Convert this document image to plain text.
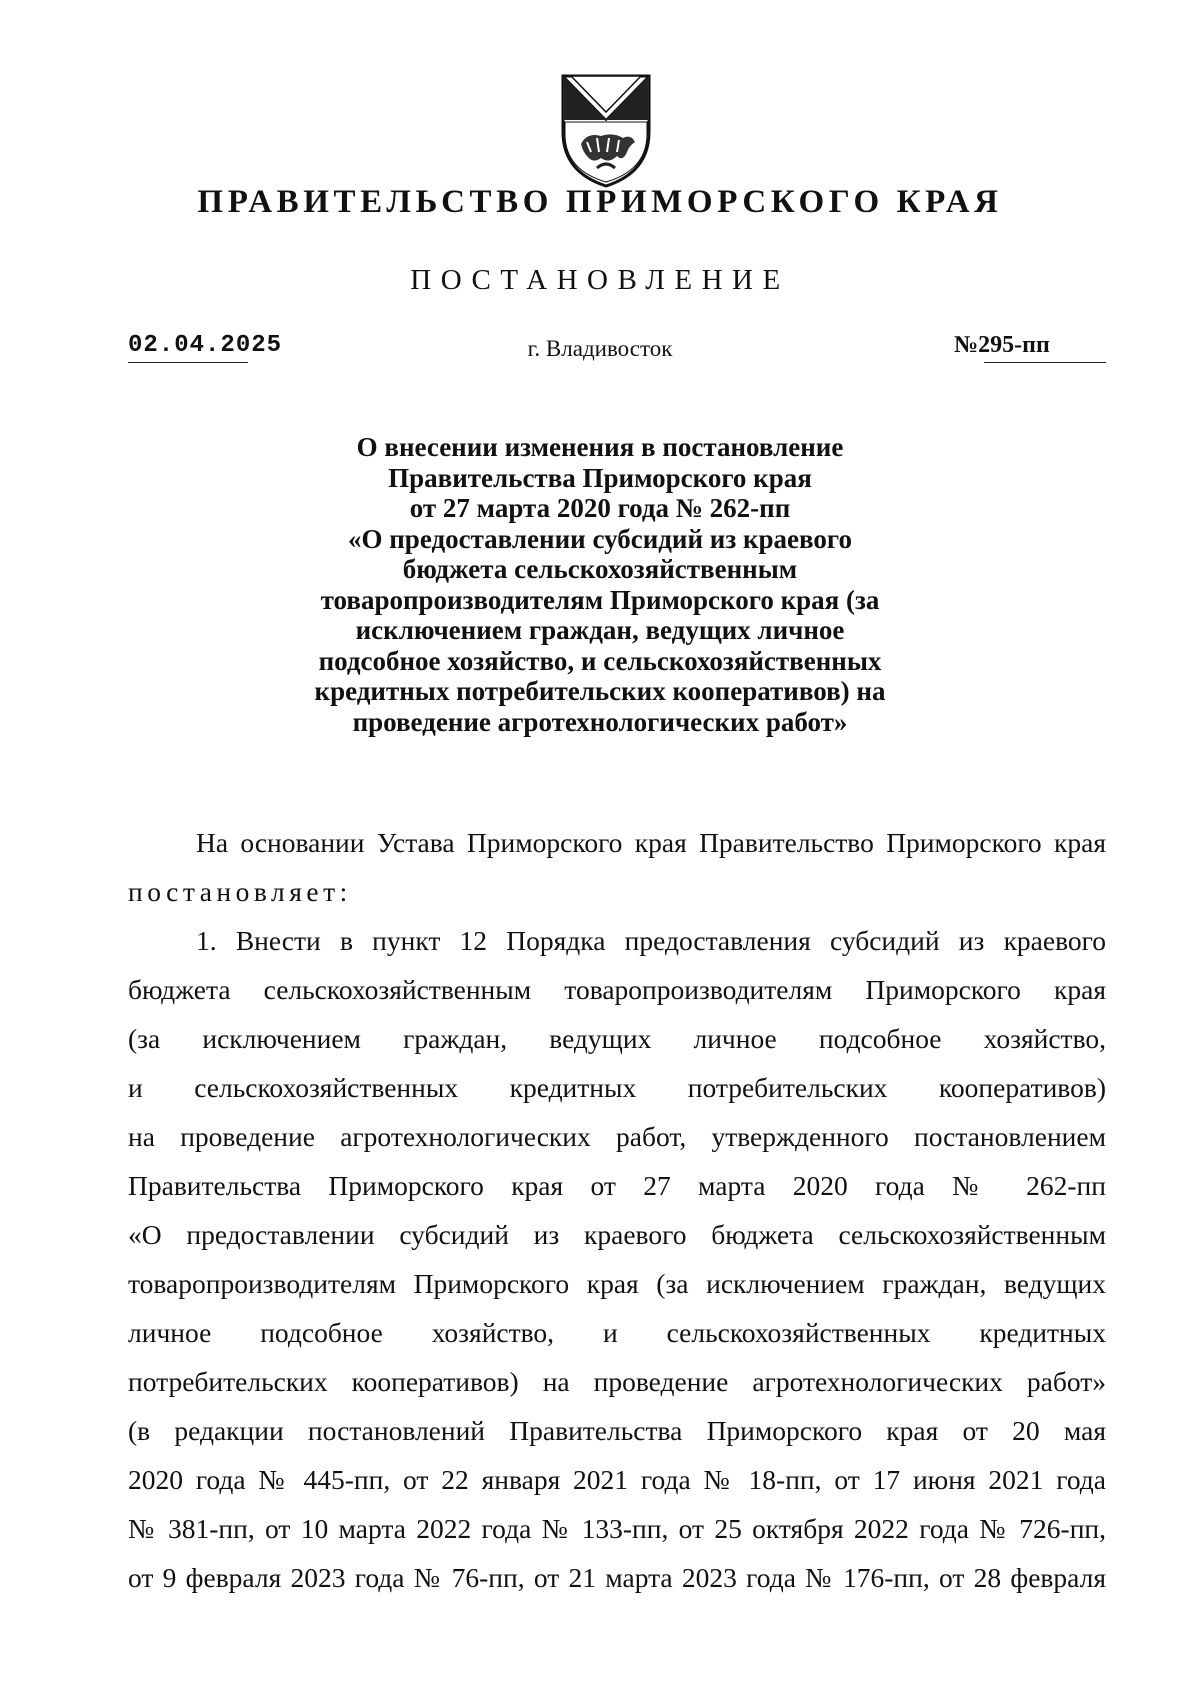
ПРАВИТЕЛЬСТВО ПРИМОРСКОГО КРАЯ
ПОСТАНОВЛЕНИЕ
02.04.2025	г. Владивосток	№295-пп
О внесении изменения в постановление
Правительства Приморского края
от 27 марта 2020 года № 262-пп
«О предоставлении субсидий из краевого
бюджета сельскохозяйственным
товаропроизводителям Приморского края (за
исключением граждан, ведущих личное
подсобное хозяйство, и сельскохозяйственных
кредитных потребительских кооперативов) на
проведение агротехнологических работ»
На основании Устава Приморского края Правительство Приморского края
постановляет:
1. Внести в пункт 12 Порядка предоставления субсидий из краевого
бюджета сельскохозяйственным товаропроизводителям Приморского края
(за исключением граждан, ведущих личное подсобное хозяйство,
и сельскохозяйственных кредитных потребительских кооперативов)
на проведение агротехнологических работ, утвержденного постановлением
Правительства Приморского края от 27 марта 2020 года № 262-пп
«О предоставлении субсидий из краевого бюджета сельскохозяйственным
товаропроизводителям Приморского края (за исключением граждан, ведущих
личное подсобное хозяйство, и сельскохозяйственных кредитных
потребительских кооперативов) на проведение агротехнологических работ»
(в редакции постановлений Правительства Приморского края от 20 мая
2020 года № 445-пп, от 22 января 2021 года № 18-пп, от 17 июня 2021 года
№ 381-пп, от 10 марта 2022 года № 133-пп, от 25 октября 2022 года № 726-пп,
от 9 февраля 2023 года № 76-пп, от 21 марта 2023 года № 176-пп, от 28 февраля
